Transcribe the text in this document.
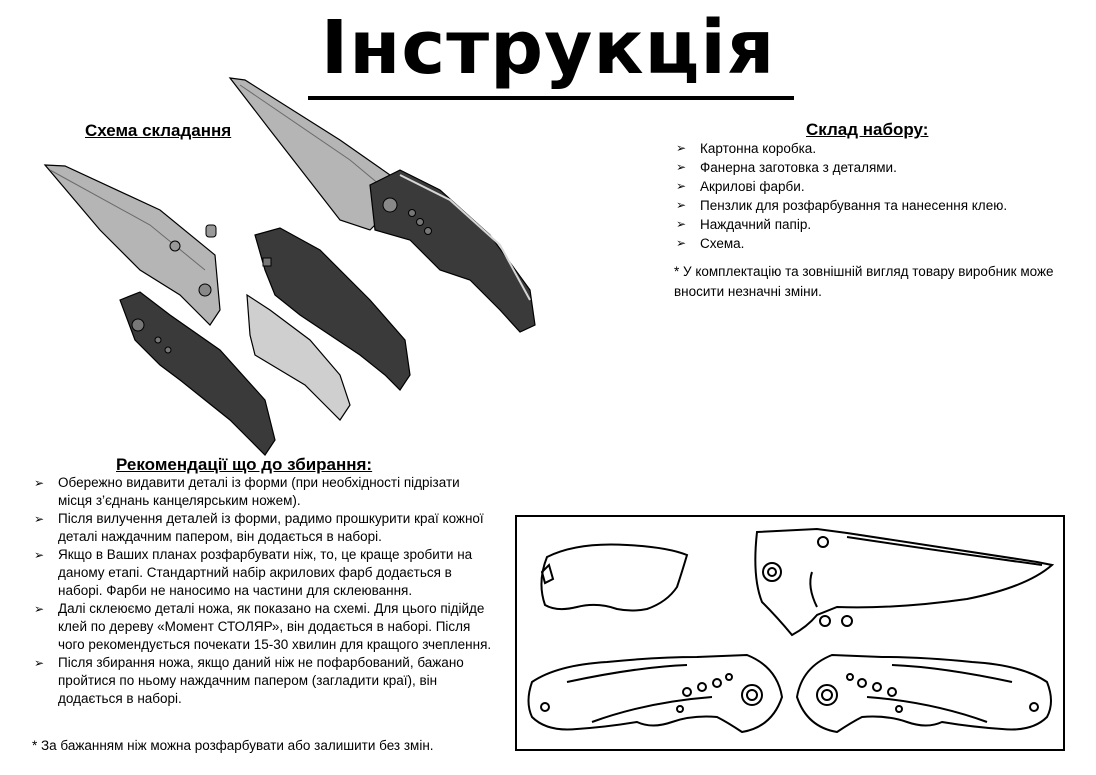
Інструкція
Схема складання	Склад набору:
➢ Картонна коробка.
➢ Фанерна заготовка з деталями.
➢ Акрилові фарби.
➢ Пензлик для розфарбування та нанесення клею.
➢ Наждачний папір.
➢ Схема.
* У комплектацію та зовнішній вигляд товару виробник може вносити незначні зміни.
Рекомендації що до збирання:
➢ Обережно видавити деталі із форми (при необхідності підрізати місця з’єднань канцелярським ножем).
➢ Після вилучення деталей із форми, радимо прошкурити краї кожної деталі наждачним папером, він додається в наборі.
➢ Якщо в Ваших планах розфарбувати ніж, то, це краще зробити на даному етапі. Стандартний набір акрилових фарб додається в наборі. Фарби не наносимо на частини для склеювання.
➢ Далі склеюємо деталі ножа, як показано на схемі. Для цього підійде клей по дереву «Момент СТОЛЯР», він додається в наборі. Після чого рекомендується почекати 15-30 хвилин для кращого зчеплення.
➢ Після збирання ножа, якщо даний ніж не пофарбований, бажано пройтися по ньому наждачним папером (загладити краї), він додається в наборі.
* За бажанням ніж можна розфарбувати або залишити без змін.
